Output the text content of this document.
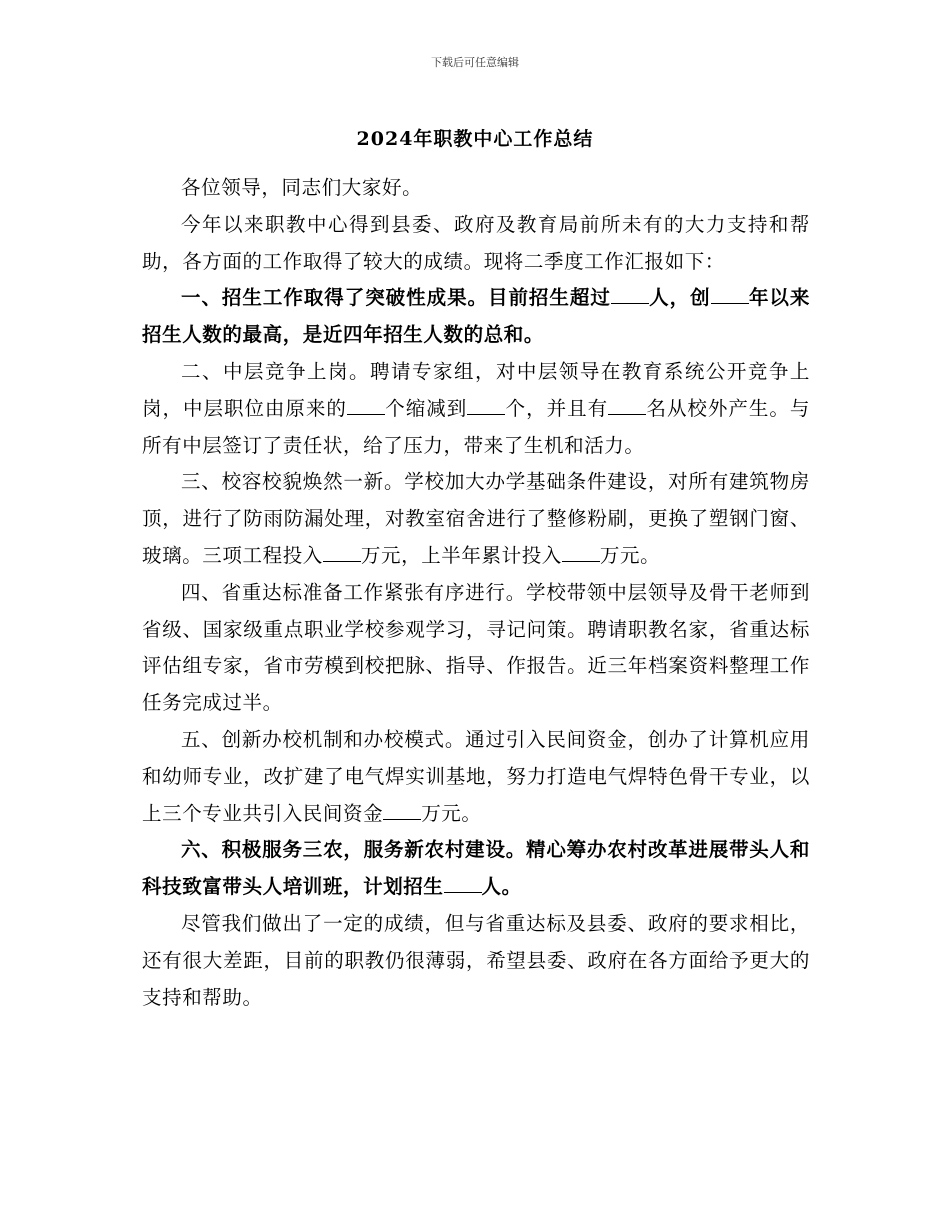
下载后可任意编辑
2024年职教中心工作总结

各位领导，同志们大家好。

今年以来职教中心得到县委、政府及教育局前所未有的大力支持和帮助，各方面的工作取得了较大的成绩。现将二季度工作汇报如下：

一、招生工作取得了突破性成果。目前招生超过 人，创 年以来招生人数的最高，是近四年招生人数的总和。

二、中层竞争上岗。聘请专家组，对中层领导在教育系统公开竞争上岗，中层职位由原来的 个缩减到 个，并且有 名从校外产生。与所有中层签订了责任状，给了压力，带来了生机和活力。

三、校容校貌焕然一新。学校加大办学基础条件建设，对所有建筑物房顶，进行了防雨防漏处理，对教室宿舍进行了整修粉刷，更换了塑钢门窗、玻璃。三项工程投入 万元，上半年累计投入 万元。

四、省重达标准备工作紧张有序进行。学校带领中层领导及骨干老师到省级、国家级重点职业学校参观学习，寻记问策。聘请职教名家，省重达标评估组专家，省市劳模到校把脉、指导、作报告。近三年档案资料整理工作任务完成过半。

五、创新办校机制和办校模式。通过引入民间资金，创办了计算机应用和幼师专业，改扩建了电气焊实训基地，努力打造电气焊特色骨干专业，以上三个专业共引入民间资金 万元。

六、积极服务三农，服务新农村建设。精心筹办农村改革进展带头人和科技致富带头人培训班，计划招生 人。

尽管我们做出了一定的成绩，但与省重达标及县委、政府的要求相比，还有很大差距，目前的职教仍很薄弱，希望县委、政府在各方面给予更大的支持和帮助。
